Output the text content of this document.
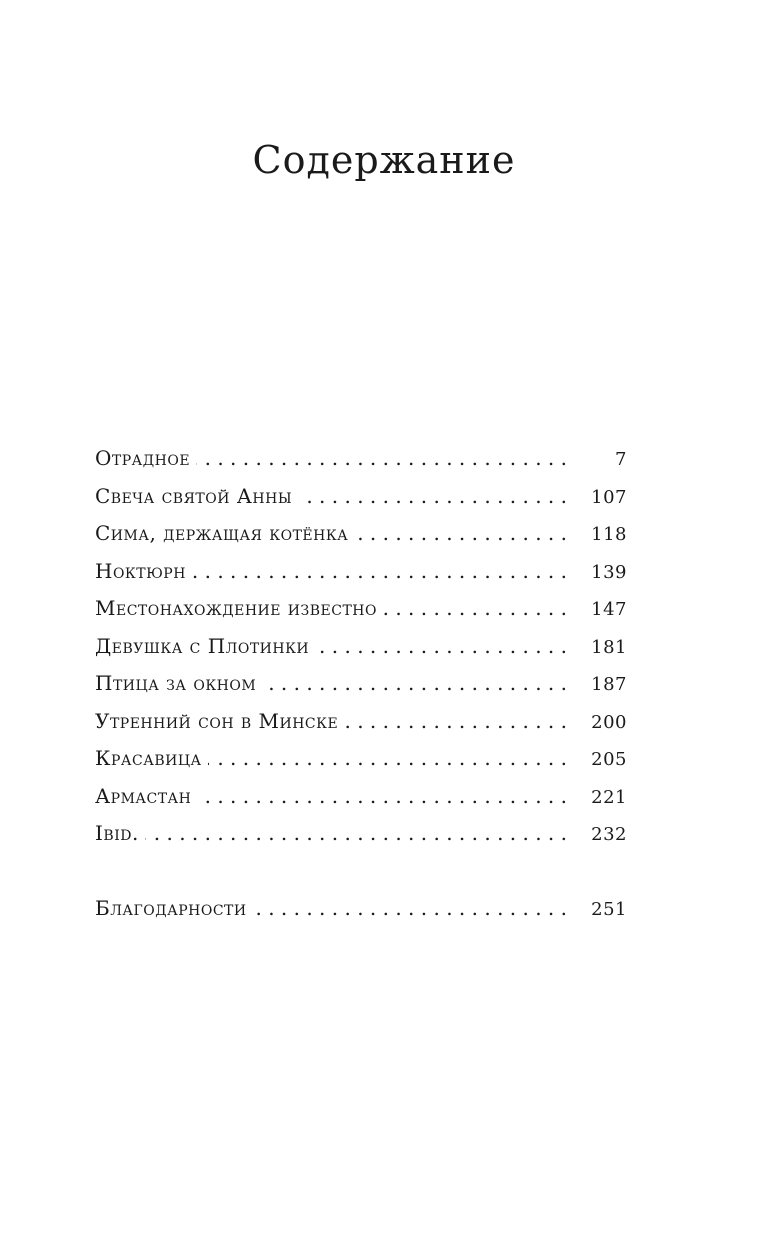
Содержание
Отрадное . . .	7
Свеча святой Анны . . .	107
Сима, держащая котёнка . . .	118
Ноктюрн . . .	139
Местонахождение известно . . .	147
Девушка с Плотинки . . .	181
Птица за окном . . .	187
Утренний сон в Минске . . .	200
Красавица . . .	205
Армастан . . .	221
Ibid. . . .	232
Благодарности . . .	251
